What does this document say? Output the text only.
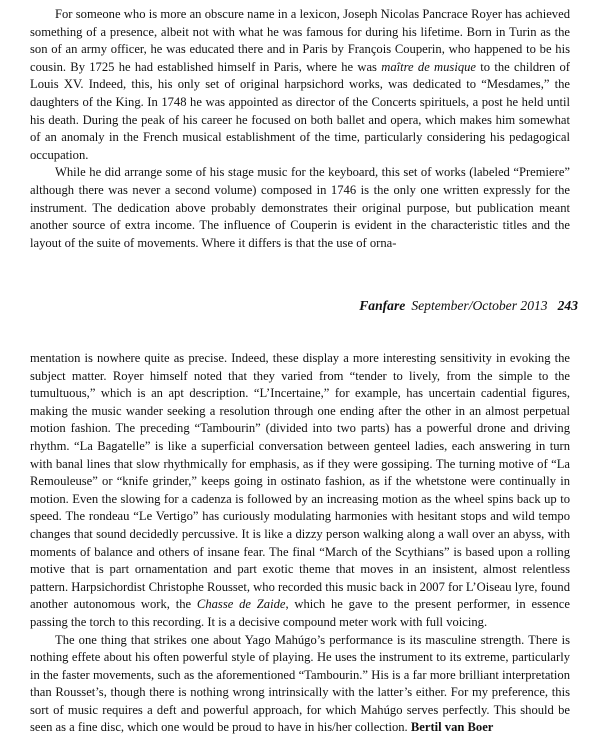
For someone who is more an obscure name in a lexicon, Joseph Nicolas Pancrace Royer has achieved something of a presence, albeit not with what he was famous for during his lifetime. Born in Turin as the son of an army officer, he was educated there and in Paris by François Couperin, who happened to be his cousin. By 1725 he had established himself in Paris, where he was maître de musique to the children of Louis XV. Indeed, this, his only set of original harpsichord works, was dedicated to “Mesdames,” the daughters of the King. In 1748 he was appointed as director of the Concerts spirituels, a post he held until his death. During the peak of his career he focused on both ballet and opera, which makes him somewhat of an anomaly in the French musical establishment of the time, particularly considering his pedagogical occupation.

While he did arrange some of his stage music for the keyboard, this set of works (labeled “Premiere” although there was never a second volume) composed in 1746 is the only one written expressly for the instrument. The dedication above probably demonstrates their original purpose, but publication meant another source of extra income. The influence of Couperin is evident in the characteristic titles and the layout of the suite of movements. Where it differs is that the use of orna-

Fanfare September/October 2013 243

mentation is nowhere quite as precise. Indeed, these display a more interesting sensitivity in evoking the subject matter. Royer himself noted that they varied from “tender to lively, from the simple to the tumultuous,” which is an apt description. “L’Incertaine,” for example, has uncertain cadential figures, making the music wander seeking a resolution through one ending after the other in an almost perpetual motion fashion. The preceding “Tambourin” (divided into two parts) has a powerful drone and driving rhythm. “La Bagatelle” is like a superficial conversation between genteel ladies, each answering in turn with banal lines that slow rhythmically for emphasis, as if they were gossiping. The turning motive of “La Remouleuse” or “knife grinder,” keeps going in ostinato fashion, as if the whetstone were continually in motion. Even the slowing for a cadenza is followed by an increasing motion as the wheel spins back up to speed. The rondeau “Le Vertigo” has curiously modulating harmonies with hesitant stops and wild tempo changes that sound decidedly percussive. It is like a dizzy person walking along a wall over an abyss, with moments of balance and others of insane fear. The final “March of the Scythians” is based upon a rolling motive that is part ornamentation and part exotic theme that moves in an insistent, almost relentless pattern. Harpsichordist Christophe Rousset, who recorded this music back in 2007 for L’Oiseau lyre, found another autonomous work, the Chasse de Zaide, which he gave to the present performer, in essence passing the torch to this recording. It is a decisive compound meter work with full voicing.

The one thing that strikes one about Yago Mahúgo’s performance is its masculine strength. There is nothing effete about his often powerful style of playing. He uses the instrument to its extreme, particularly in the faster movements, such as the aforementioned “Tambourin.” His is a far more brilliant interpretation than Rousset’s, though there is nothing wrong intrinsically with the latter’s either. For my preference, this sort of music requires a deft and powerful approach, for which Mahúgo serves perfectly. This should be seen as a fine disc, which one would be proud to have in his/her collection. Bertil van Boer
